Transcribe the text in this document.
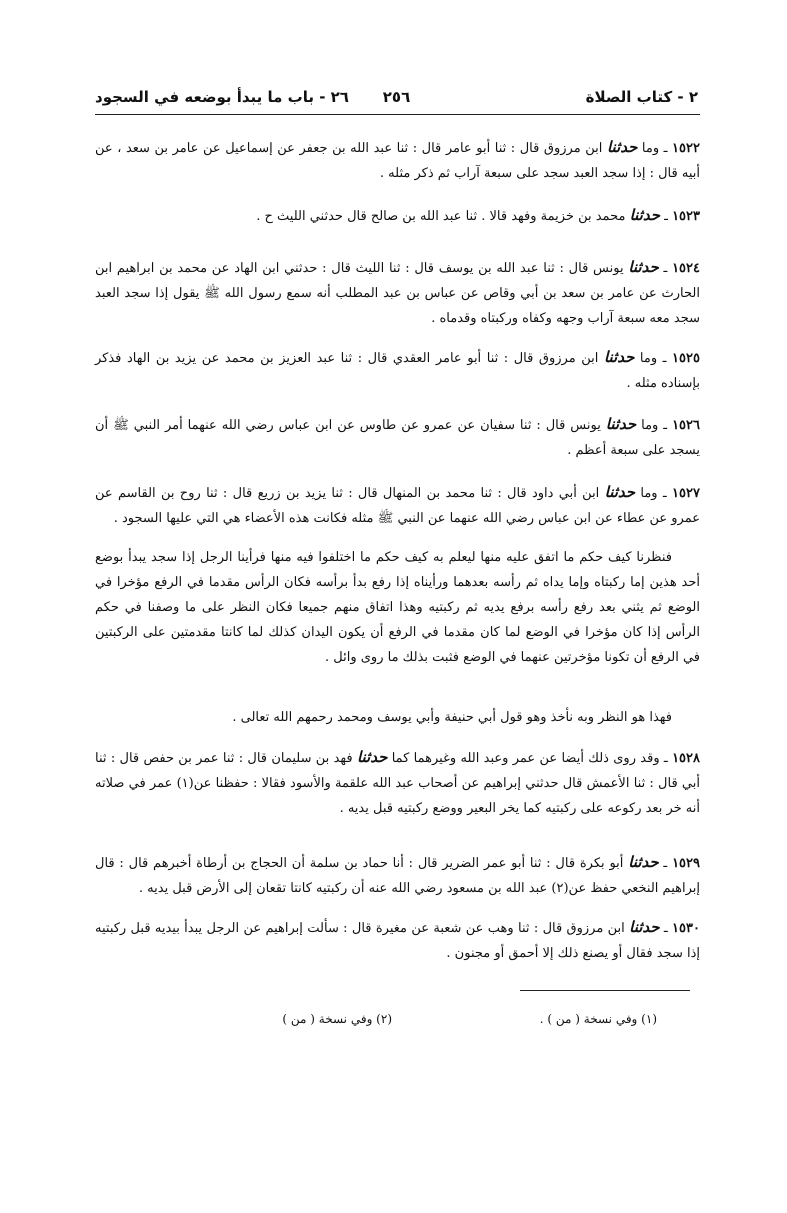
٢ - كتاب الصلاة
٢٥٦
٢٦ - باب ما يبدأ بوضعه في السجود
١٥٢٢ ـ وما حدثنا ابن مرزوق قال : ثنا أبو عامر قال : ثنا عبد الله بن جعفر عن إسماعيل عن عامر بن سعد ، عن أبيه قال : إذا سجد العبد سجد على سبعة آراب ثم ذكر مثله .
١٥٢٣ ـ حدثنا محمد بن خزيمة وفهد قالا . ثنا عبد الله بن صالح قال حدثني الليث ح .
١٥٢٤ ـ حدثنا يونس قال : ثنا عبد الله بن يوسف قال : ثنا الليث قال : حدثني ابن الهاد عن محمد بن ابراهيم ابن الحارث عن عامر بن سعد بن أبي وقاص عن عباس بن عبد المطلب أنه سمع رسول الله ﷺ يقول إذا سجد العبد سجد معه سبعة آراب وجهه وكفاه وركبتاه وقدماه .
١٥٢٥ ـ وما حدثنا ابن مرزوق قال : ثنا أبو عامر العقدي قال : ثنا عبد العزيز بن محمد عن يزيد بن الهاد فذكر بإسناده مثله .
١٥٢٦ ـ وما حدثنا يونس قال : ثنا سفيان عن عمرو عن طاوس عن ابن عباس رضي الله عنهما أمر النبي ﷺ أن يسجد على سبعة أعظم .
١٥٢٧ ـ وما حدثنا ابن أبي داود قال : ثنا محمد بن المنهال قال : ثنا يزيد بن زريع قال : ثنا روح بن القاسم عن عمرو عن عطاء عن ابن عباس رضي الله عنهما عن النبي ﷺ مثله فكانت هذه الأعضاء هي التي عليها السجود .
فنظرنا كيف حكم ما اتفق عليه منها ليعلم به كيف حكم ما اختلفوا فيه منها فرأينا الرجل إذا سجد يبدأ بوضع أحد هذين إما ركبتاه وإما يداه ثم رأسه بعدهما ورأيناه إذا رفع بدأ برأسه فكان الرأس مقدما في الرفع مؤخرا في الوضع ثم يثني بعد رفع رأسه برفع يديه ثم ركبتيه وهذا اتفاق منهم جميعا فكان النظر على ما وصفنا في حكم الرأس إذا كان مؤخرا في الوضع لما كان مقدما في الرفع أن يكون اليدان كذلك لما كانتا مقدمتين على الركبتين في الرفع أن تكونا مؤخرتين عنهما في الوضع فثبت بذلك ما روى وائل .
فهذا هو النظر وبه نأخذ وهو قول أبي حنيفة وأبي يوسف ومحمد رحمهم الله تعالى .
١٥٢٨ ـ وقد روى ذلك أيضا عن عمر وعبد الله وغيرهما كما حدثنا فهد بن سليمان قال : ثنا عمر بن حفص قال : ثنا أبي قال : ثنا الأعمش قال حدثني إبراهيم عن أصحاب عبد الله علقمة والأسود فقالا : حفظنا عن(١) عمر في صلاته أنه خر بعد ركوعه على ركبتيه كما يخر البعير ووضع ركبتيه قبل يديه .
١٥٢٩ ـ حدثنا أبو بكرة قال : ثنا أبو عمر الضرير قال : أنا حماد بن سلمة أن الحجاج بن أرطاة أخبرهم قال : قال إبراهيم النخعي حفظ عن(٢) عبد الله بن مسعود رضي الله عنه أن ركبتيه كانتا تقعان إلى الأرض قبل يديه .
١٥٣٠ ـ حدثنا ابن مرزوق قال : ثنا وهب عن شعبة عن مغيرة قال : سألت إبراهيم عن الرجل يبدأ بيديه قبل ركبتيه إذا سجد فقال أو يصنع ذلك إلا أحمق أو مجنون .
(١) وفي نسخة ( من ) .
(٢) وفي نسخة ( من )
